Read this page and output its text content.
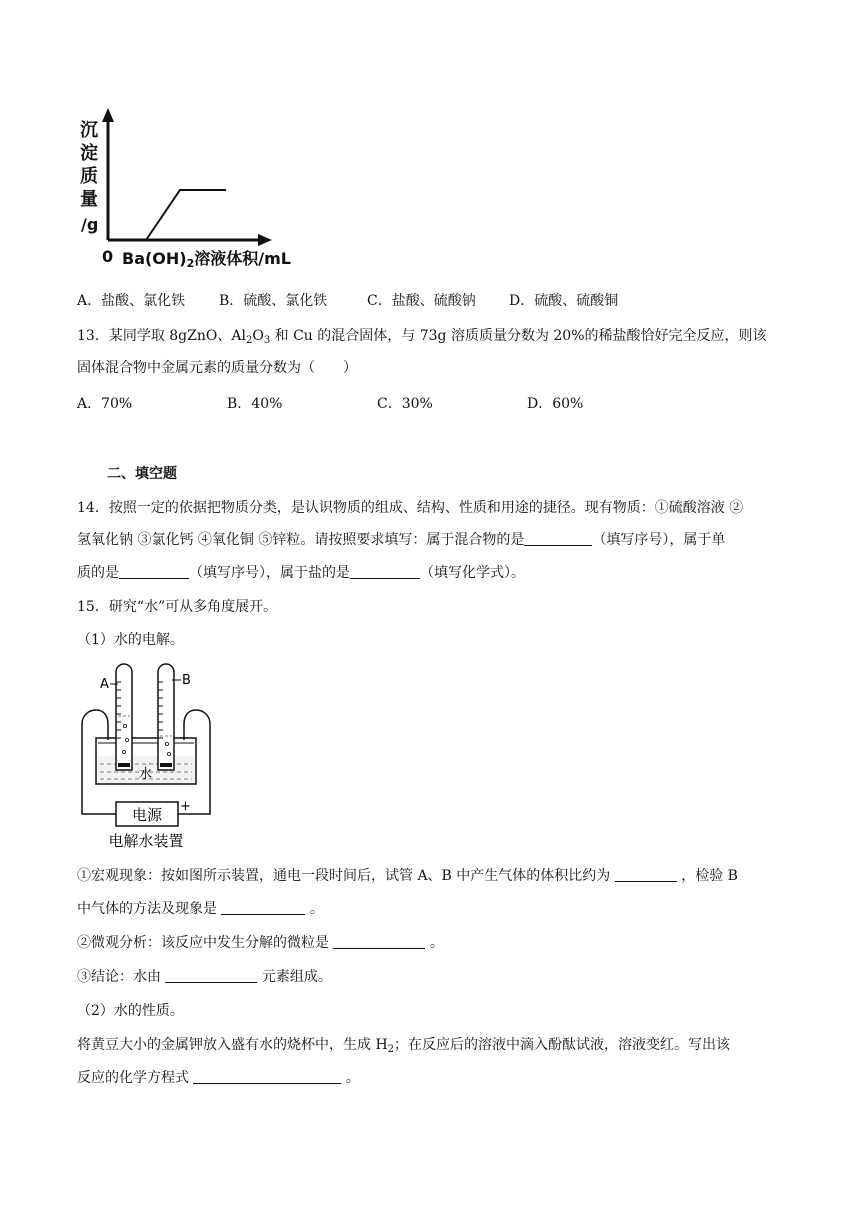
沉
淀
质
量
/g
0 Ba(OH)2溶液体积/mL
A．盐酸、氯化铁 B．硫酸、氯化铁	C．盐酸、硫酸钠 D．硫酸、硫酸铜
13．某同学取 8gZnO、$Al_2O_3$ 和 Cu 的混合固体，与 73g 溶质质量分数为 20%的稀盐酸恰好完全反应，则该
固体混合物中金属元素的质量分数为（　　）
A．70%	B．40%	C．30%	D．60%
二、填空题
14．按照一定的依据把物质分类，是认识物质的组成、结构、性质和用途的捷径。现有物质：①硫酸溶液 ②
氢氧化钠 ③氯化钙 ④氧化铜 ⑤锌粒。请按照要求填写：属于混合物的是	（填写序号），属于单
质的是	（填写序号），属于盐的是	（填写化学式）。
15．研究“水”可从多角度展开。
（1）水的电解。
A	B
水
+
电源
电解水装置
①宏观现象：按如图所示装置，通电一段时间后，试管 A、B 中产生气体的体积比约为	，检验 B
中气体的方法及现象是	。
②微观分析：该反应中发生分解的微粒是	。
③结论：水由	元素组成。
（2）水的性质。
将黄豆大小的金属钾放入盛有水的烧杯中，生成 $H_2$；在反应后的溶液中滴入酚酞试液，溶液变红。写出该
反应的化学方程式	。
